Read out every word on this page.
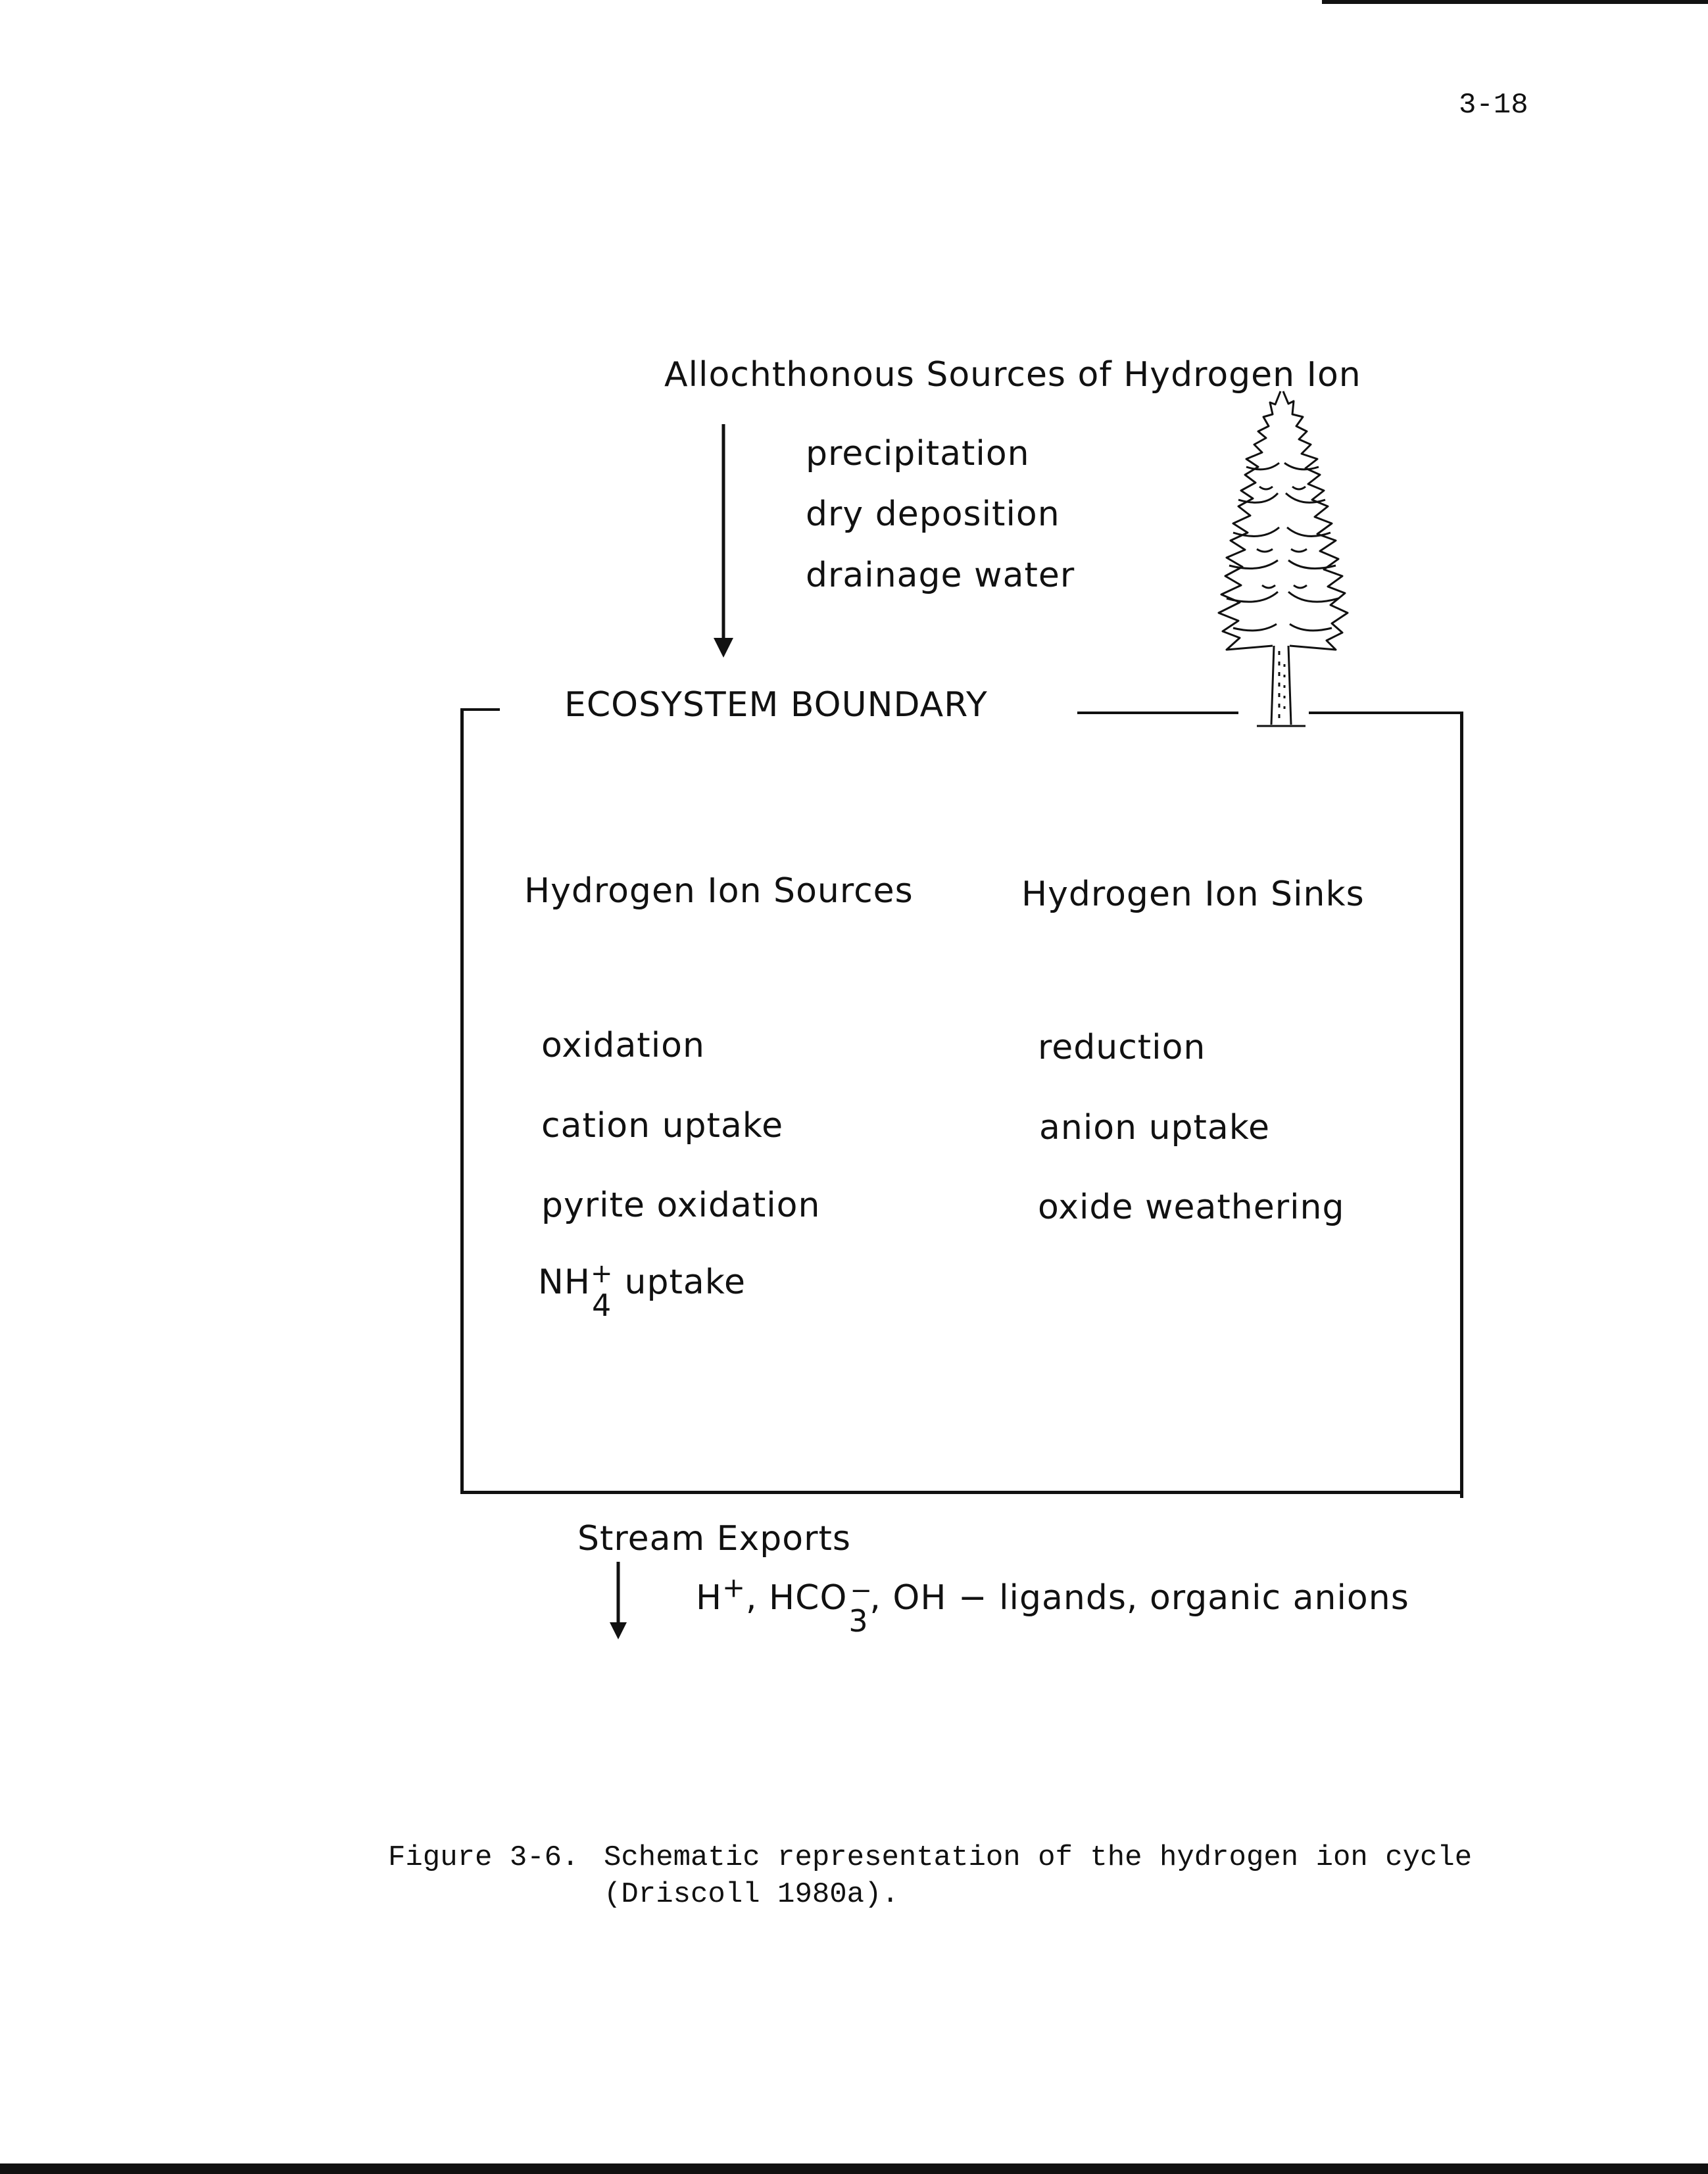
3-18
Allochthonous Sources of Hydrogen Ion
precipitation
dry deposition
drainage water
ECOSYSTEM BOUNDARY
Hydrogen Ion Sources
oxidation
cation uptake
pyrite oxidation
NH +
4
uptake
Hydrogen Ion Sinks
reduction
anion uptake
oxide weathering
Stream Exports
H+, HCO −
3
, OH − ligands, organic anions
Figure 3-6. Schematic representation of the hydrogen ion cycle
(Driscoll 1980a).
